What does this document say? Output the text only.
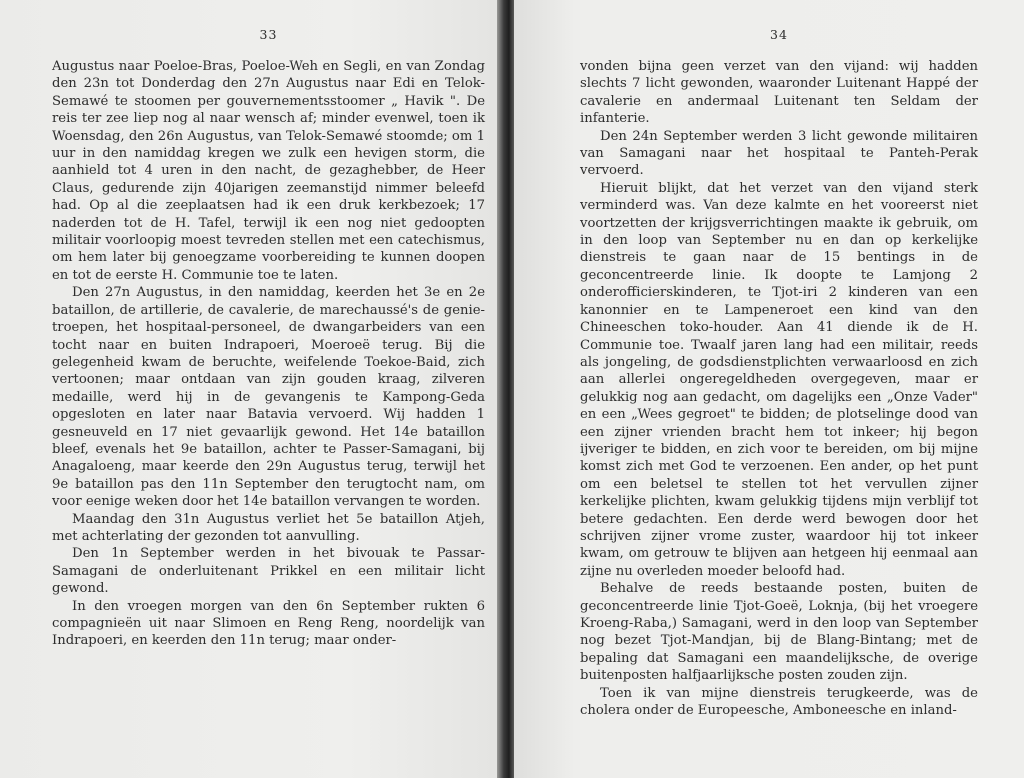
33

Augustus naar Poeloe-Bras, Poeloe-Weh en Segli, en van Zondag den 23n tot Donderdag den 27n Augustus naar Edi en Telok-Semawé te stoomen per gouvernementsstoomer „ Havik ". De reis ter zee liep nog al naar wensch af; minder evenwel, toen ik Woensdag, den 26n Augustus, van Telok-Semawé stoomde; om 1 uur in den namiddag kregen we zulk een hevigen storm, die aanhield tot 4 uren in den nacht, de gezaghebber, de Heer Claus, gedurende zijn 40jarigen zeemanstijd nimmer beleefd had. Op al die zeeplaatsen had ik een druk kerkbezoek; 17 naderden tot de H. Tafel, terwijl ik een nog niet gedoopten militair voorloopig moest tevreden stellen met een catechismus, om hem later bij genoegzame voorbereiding te kunnen doopen en tot de eerste H. Communie toe te laten.

Den 27n Augustus, in den namiddag, keerden het 3e en 2e bataillon, de artillerie, de cavalerie, de marechaussé's de genie-troepen, het hospitaal-personeel, de dwangarbeiders van een tocht naar en buiten Indrapoeri, Moeroeë terug. Bij die gelegenheid kwam de beruchte, weifelende Toekoe-Baid, zich vertoonen; maar ontdaan van zijn gouden kraag, zilveren medaille, werd hij in de gevangenis te Kampong-Geda opgesloten en later naar Batavia vervoerd. Wij hadden 1 gesneuveld en 17 niet gevaarlijk gewond. Het 14e bataillon bleef, evenals het 9e bataillon, achter te Passer-Samagani, bij Anagaloeng, maar keerde den 29n Augustus terug, terwijl het 9e bataillon pas den 11n September den terugtocht nam, om voor eenige weken door het 14e bataillon vervangen te worden.

Maandag den 31n Augustus verliet het 5e bataillon Atjeh, met achterlating der gezonden tot aanvulling.

Den 1n September werden in het bivouak te Passar-Samagani de onderluitenant Prikkel en een militair licht gewond.

In den vroegen morgen van den 6n September rukten 6 compagnieën uit naar Slimoen en Reng Reng, noordelijk van Indrapoeri, en keerden den 11n terug; maar onder-

34

vonden bijna geen verzet van den vijand: wij hadden slechts 7 licht gewonden, waaronder Luitenant Happé der cavalerie en andermaal Luitenant ten Seldam der infanterie.

Den 24n September werden 3 licht gewonde militairen van Samagani naar het hospitaal te Panteh-Perak vervoerd.

Hieruit blijkt, dat het verzet van den vijand sterk verminderd was. Van deze kalmte en het vooreerst niet voortzetten der krijgsverrichtingen maakte ik gebruik, om in den loop van September nu en dan op kerkelijke dienstreis te gaan naar de 15 bentings in de geconcentreerde linie. Ik doopte te Lamjong 2 onderofficierskinderen, te Tjot-iri 2 kinderen van een kanonnier en te Lampeneroet een kind van den Chineeschen toko-houder. Aan 41 diende ik de H. Communie toe. Twaalf jaren lang had een militair, reeds als jongeling, de godsdienstplichten verwaarloosd en zich aan allerlei ongeregeldheden overgegeven, maar er gelukkig nog aan gedacht, om dagelijks een „Onze Vader" en een „Wees gegroet" te bidden; de plotselinge dood van een zijner vrienden bracht hem tot inkeer; hij begon ijveriger te bidden, en zich voor te bereiden, om bij mijne komst zich met God te verzoenen. Een ander, op het punt om een beletsel te stellen tot het vervullen zijner kerkelijke plichten, kwam gelukkig tijdens mijn verblijf tot betere gedachten. Een derde werd bewogen door het schrijven zijner vrome zuster, waardoor hij tot inkeer kwam, om getrouw te blijven aan hetgeen hij eenmaal aan zijne nu overleden moeder beloofd had.

Behalve de reeds bestaande posten, buiten de geconcentreerde linie Tjot-Goeë, Loknja, (bij het vroegere Kroeng-Raba,) Samagani, werd in den loop van September nog bezet Tjot-Mandjan, bij de Blang-Bintang; met de bepaling dat Samagani een maandelijksche, de overige buitenposten halfjaarlijksche posten zouden zijn.

Toen ik van mijne dienstreis terugkeerde, was de cholera onder de Europeesche, Amboneesche en inland-
